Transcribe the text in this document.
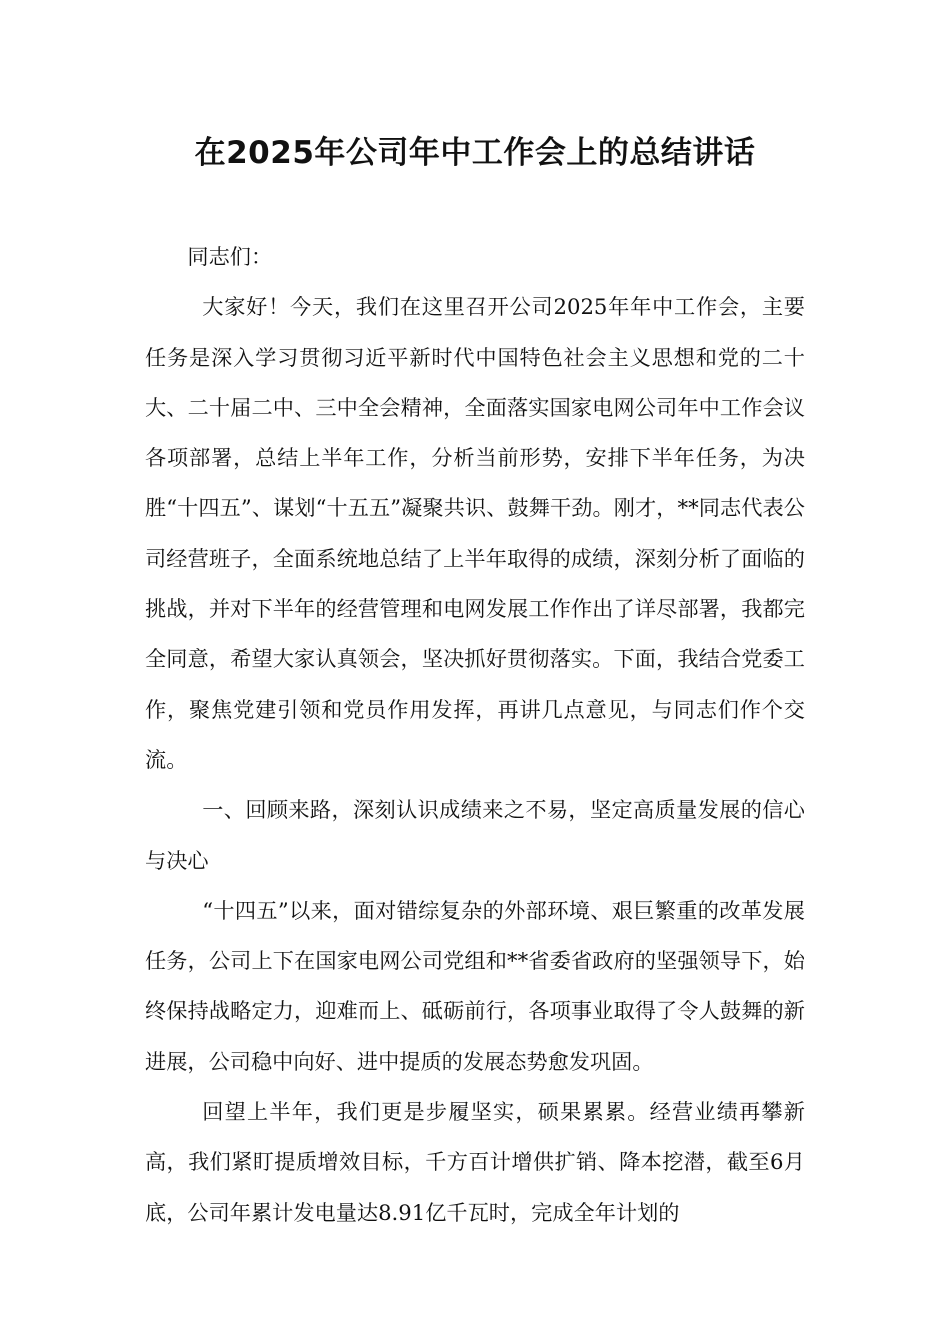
在2025年公司年中工作会上的总结讲话

同志们：

大家好！今天，我们在这里召开公司2025年年中工作会，主要任务是深入学习贯彻习近平新时代中国特色社会主义思想和党的二十大、二十届二中、三中全会精神，全面落实国家电网公司年中工作会议各项部署，总结上半年工作，分析当前形势，安排下半年任务，为决胜“十四五”、谋划“十五五”凝聚共识、鼓舞干劲。刚才，**同志代表公司经营班子，全面系统地总结了上半年取得的成绩，深刻分析了面临的挑战，并对下半年的经营管理和电网发展工作作出了详尽部署，我都完全同意，希望大家认真领会，坚决抓好贯彻落实。下面，我结合党委工作，聚焦党建引领和党员作用发挥，再讲几点意见，与同志们作个交流。

一、回顾来路，深刻认识成绩来之不易，坚定高质量发展的信心与决心

“十四五”以来，面对错综复杂的外部环境、艰巨繁重的改革发展任务，公司上下在国家电网公司党组和**省委省政府的坚强领导下，始终保持战略定力，迎难而上、砥砺前行，各项事业取得了令人鼓舞的新进展，公司稳中向好、进中提质的发展态势愈发巩固。

回望上半年，我们更是步履坚实，硕果累累。经营业绩再攀新高，我们紧盯提质增效目标，千方百计增供扩销、降本挖潜，截至6月底，公司年累计发电量达8.91亿千瓦时，完成全年计划的
